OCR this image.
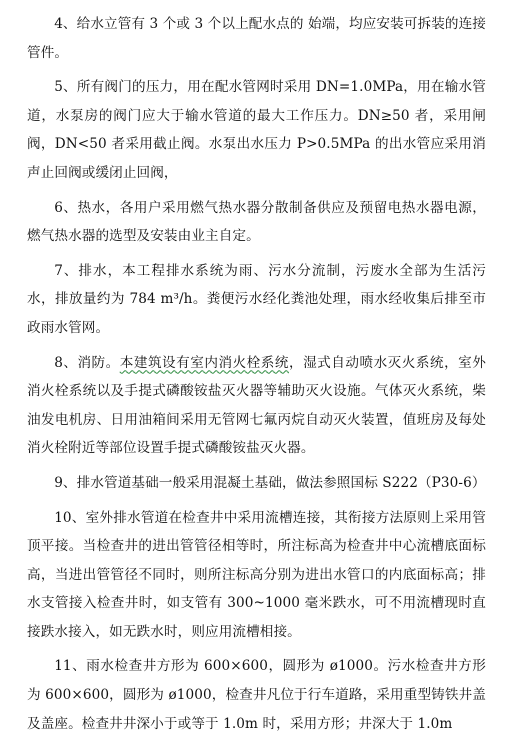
4、给水立管有 3 个或 3 个以上配水点的 始端，均应安装可拆装的连接管件。

5、所有阀门的压力，用在配水管网时采用 DN=1.0MPa，用在输水管道，水泵房的阀门应大于输水管道的最大工作压力。DN≥50 者，采用闸阀，DN<50 者采用截止阀。水泵出水压力 P>0.5MPa 的出水管应采用消声止回阀或缓闭止回阀，

6、热水，各用户采用燃气热水器分散制备供应及预留电热水器电源，燃气热水器的选型及安装由业主自定。

7、排水，本工程排水系统为雨、污水分流制，污废水全部为生活污水，排放量约为 784 m³/h。粪便污水经化粪池处理，雨水经收集后排至市政雨水管网。

8、消防。本建筑设有室内消火栓系统，湿式自动喷水灭火系统，室外消火栓系统以及手提式磷酸铵盐灭火器等辅助灭火设施。气体灭火系统，柴油发电机房、日用油箱间采用无管网七氟丙烷自动灭火装置，值班房及每处消火栓附近等部位设置手提式磷酸铵盐灭火器。

9、排水管道基础一般采用混凝土基础，做法参照国标 S222（P30-6）

10、室外排水管道在检查井中采用流槽连接，其衔接方法原则上采用管顶平接。当检查井的进出管管径相等时，所注标高为检查井中心流槽底面标高，当进出管管径不同时，则所注标高分别为进出水管口的内底面标高；排水支管接入检查井时，如支管有 300~1000 毫米跌水，可不用流槽现时直接跌水接入，如无跌水时，则应用流槽相接。

11、雨水检查井方形为 600×600，圆形为 ø1000。污水检查井方形为 600×600，圆形为 ø1000，检查井凡位于行车道路，采用重型铸铁井盖及盖座。检查井井深小于或等于 1.0m 时，采用方形；井深大于 1.0m
